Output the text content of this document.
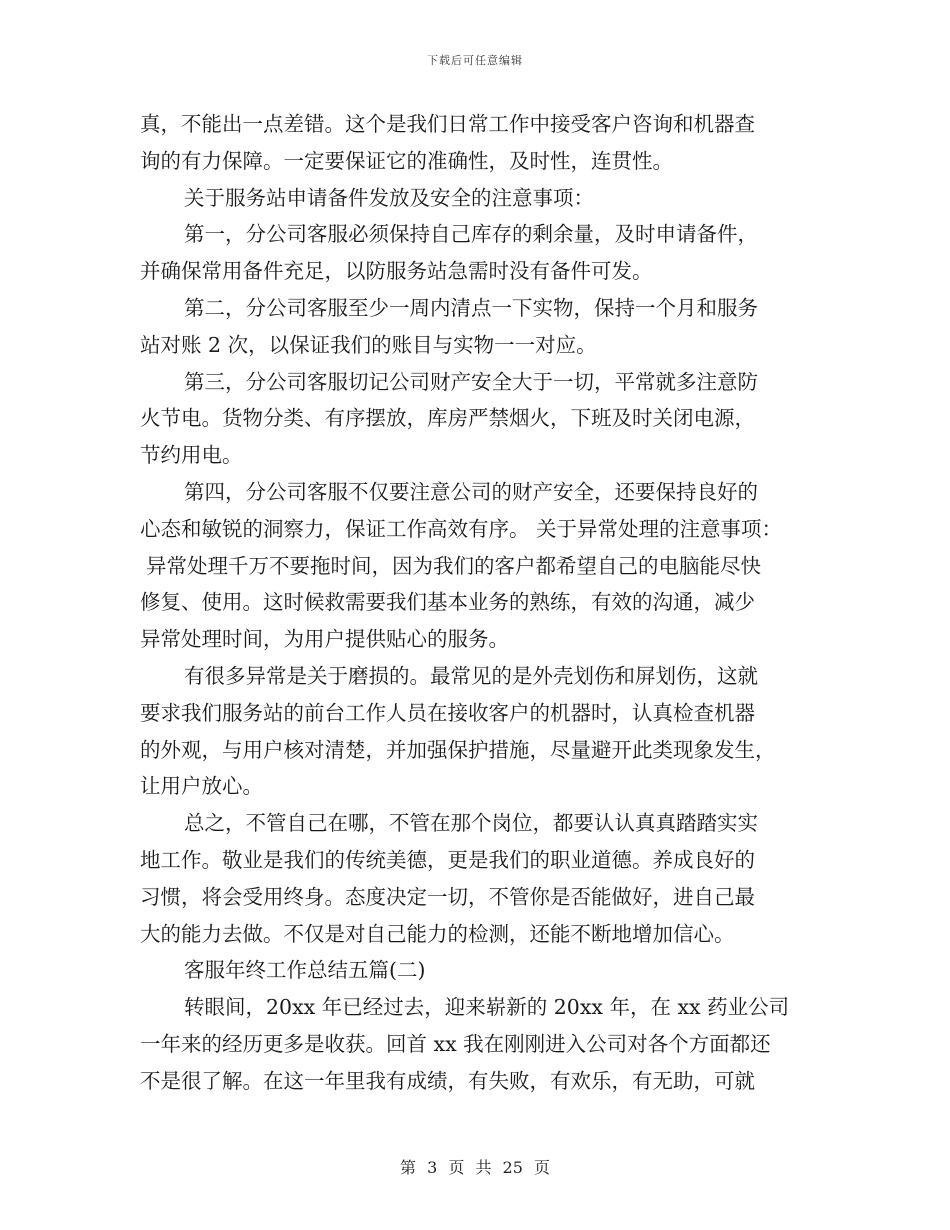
下载后可任意编辑
真，不能出一点差错。这个是我们日常工作中接受客户咨询和机器查
询的有力保障。一定要保证它的准确性，及时性，连贯性。
关于服务站申请备件发放及安全的注意事项：
第一，分公司客服必须保持自己库存的剩余量，及时申请备件，
并确保常用备件充足，以防服务站急需时没有备件可发。
第二，分公司客服至少一周内清点一下实物，保持一个月和服务
站对账 2 次，以保证我们的账目与实物一一对应。
第三，分公司客服切记公司财产安全大于一切，平常就多注意防
火节电。货物分类、有序摆放，库房严禁烟火，下班及时关闭电源，
节约用电。
第四，分公司客服不仅要注意公司的财产安全，还要保持良好的
心态和敏锐的洞察力，保证工作高效有序。 关于异常处理的注意事项：
异常处理千万不要拖时间，因为我们的客户都希望自己的电脑能尽快
修复、使用。这时候救需要我们基本业务的熟练，有效的沟通，减少
异常处理时间，为用户提供贴心的服务。
有很多异常是关于磨损的。最常见的是外壳划伤和屏划伤，这就
要求我们服务站的前台工作人员在接收客户的机器时，认真检查机器
的外观，与用户核对清楚，并加强保护措施，尽量避开此类现象发生，
让用户放心。
总之，不管自己在哪，不管在那个岗位，都要认认真真踏踏实实
地工作。敬业是我们的传统美德，更是我们的职业道德。养成良好的
习惯，将会受用终身。态度决定一切，不管你是否能做好，进自己最
大的能力去做。不仅是对自己能力的检测，还能不断地增加信心。
客服年终工作总结五篇(二)
转眼间，20xx 年已经过去，迎来崭新的 20xx 年，在 xx 药业公司
一年来的经历更多是收获。回首 xx 我在刚刚进入公司对各个方面都还
不是很了解。在这一年里我有成绩，有失败，有欢乐，有无助，可就
第 3 页 共 25 页
